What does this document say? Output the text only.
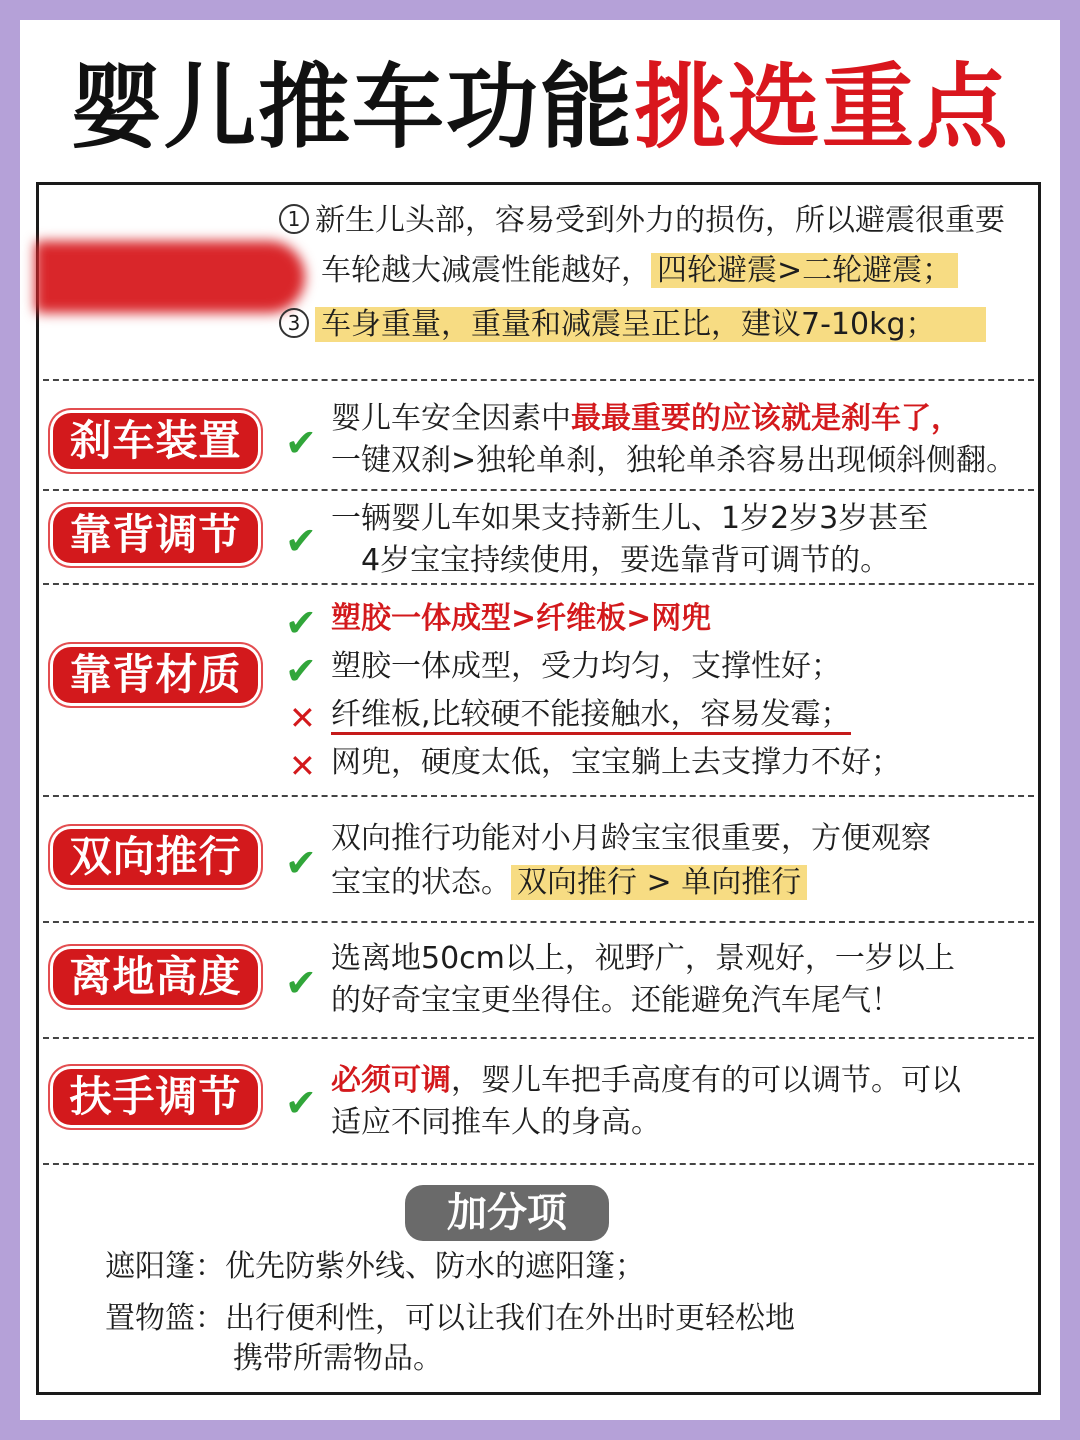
婴儿推车功能挑选重点
1 新生儿头部，容易受到外力的损伤，所以避震很重要
车轮越大减震性能越好， 四轮避震>二轮避震；
3 车身重量，重量和减震呈正比，建议7-10kg；
刹车装置	✔
婴儿车安全因素中最最重要的应该就是刹车了，
一键双刹>独轮单刹，独轮单杀容易出现倾斜侧翻。
靠背调节	✔
一辆婴儿车如果支持新生儿、1岁2岁3岁甚至
4岁宝宝持续使用，要选靠背可调节的。
靠背材质
✔ 塑胶一体成型>纤维板>网兜
✔ 塑胶一体成型，受力均匀，支撑性好；
✕ 纤维板,比较硬不能接触水，容易发霉；
✕ 网兜，硬度太低，宝宝躺上去支撑力不好；
双向推行	✔
双向推行功能对小月龄宝宝很重要，方便观察
宝宝的状态。 双向推行 > 单向推行
离地高度	✔
选离地50cm以上，视野广，景观好，一岁以上
的好奇宝宝更坐得住。还能避免汽车尾气！
扶手调节	✔
必须可调，婴儿车把手高度有的可以调节。可以
适应不同推车人的身高。
加分项
遮阳篷：优先防紫外线、防水的遮阳篷；
置物篮：出行便利性，可以让我们在外出时更轻松地
携带所需物品。
